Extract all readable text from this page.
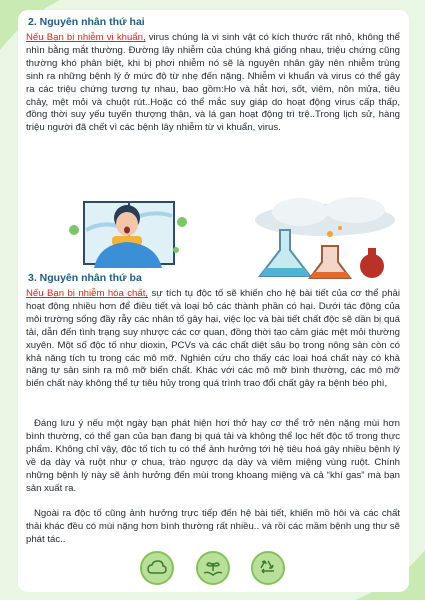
2. Nguyên nhân thứ hai

Nếu Bạn bị nhiễm vi khuẩn, virus chúng là vi sinh vật có kích thước rất nhỏ, không thể nhìn bằng mắt thường. Đường lây nhiễm của chúng khá giống nhau, triệu chứng cũng thường khó phân biệt, khi bị phơi nhiễm nó sẽ là nguyên nhân gây nên nhiễm trùng sinh ra những bệnh lý ở mức độ từ nhẹ đến nặng. Nhiễm vi khuẩn và virus có thể gây ra các triệu chứng tương tự nhau, bao gồm:Ho và hắt hơi, sốt, viêm, nôn mửa, tiêu chảy, mệt mỏi và chuột rút..Hoặc có thể mắc suy giáp do hoạt động virus cấp thấp, đồng thời suy yếu tuyến thượng thận, và lá gan hoạt động trì trệ..Trong lịch sử, hàng triệu người đã chết vì các bệnh lây nhiễm từ vi khuẩn, virus.

3. Nguyên nhân thứ ba

Nếu Bạn bị nhiễm hóa chất, sự tích tụ độc tố sẽ khiến cho hệ bài tiết của cơ thể phải hoạt động nhiều hơn để điều tiết và loại bỏ các thành phần có hại. Dưới tác động của môi trường sống đầy rẫy các nhân tố gây hại, việc lọc và bài tiết chất độc sẽ dần bị quá tải, dẫn đến tình trạng suy nhược các cơ quan, đồng thời tạo cảm giác mệt mỏi thường xuyên. Một số độc tố như dioxin, PCVs và các chất diệt sâu bọ trong nông sản còn có khả năng tích tụ trong các mô mỡ. Nghiên cứu cho thấy các loại hoá chất này có khả năng tự sản sinh ra mô mỡ biến chất. Khác với các mô mỡ bình thường, các mô mỡ biến chất này không thể tự tiêu hủy trong quá trình trao đổi chất gây ra bệnh béo phì,

Đáng lưu ý nếu một ngày bạn phát hiện hơi thở hay cơ thể trở nên nặng mùi hơn bình thường, có thể gan của bạn đang bị quá tải và không thể lọc hết độc tố trong thực phẩm. Không chỉ vậy, độc tố tích tụ có thể ảnh hưởng tới hệ tiêu hoá gây nhiều bệnh lý về dạ dày và ruột như ợ chua, trào ngược dạ dày và viêm miệng vùng ruột. Chính những bệnh lý này sẽ ảnh hưởng đến mùi trong khoang miệng và cả “khí gas” mà bạn sản xuất ra.

Ngoài ra độc tố cũng ảnh hưởng trực tiếp đến hệ bài tiết, khiến mồ hôi và các chất thải khác đều có mùi nặng hơn bình thường rất nhiều.. và rồi các mầm bệnh ung thư sẽ phát tác..
